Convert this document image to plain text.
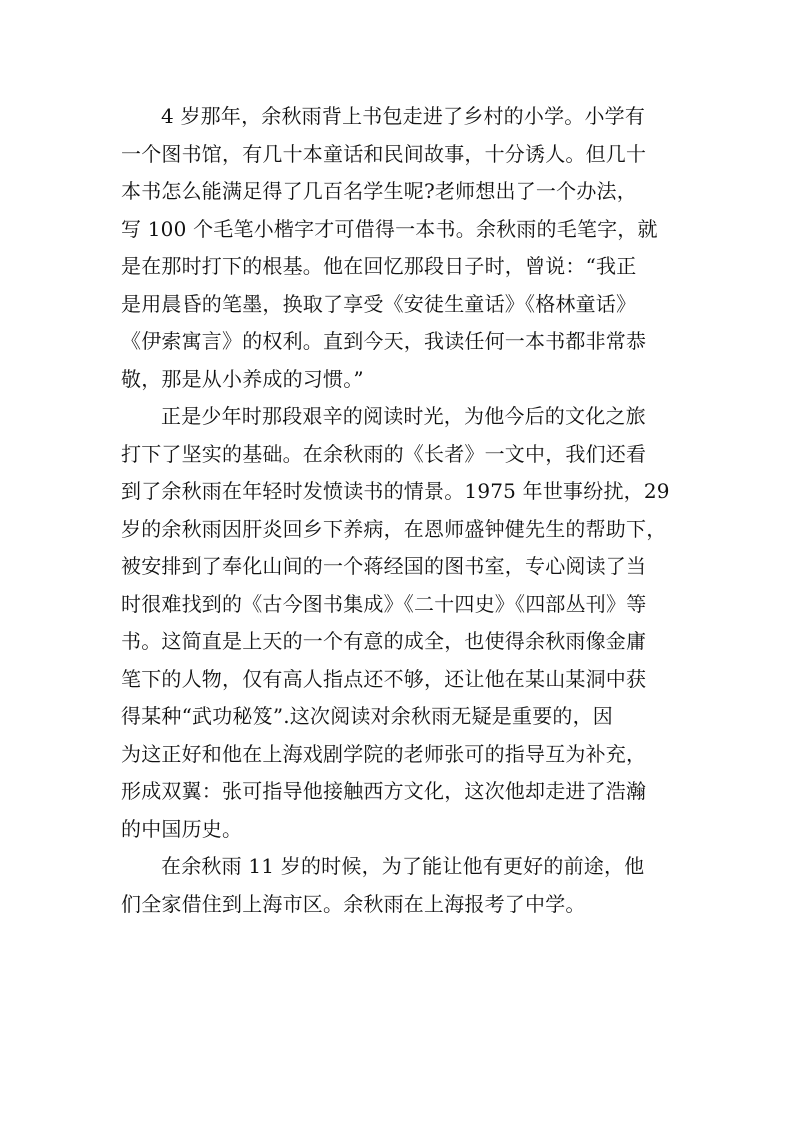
4 岁那年，余秋雨背上书包走进了乡村的小学。小学有
一个图书馆，有几十本童话和民间故事，十分诱人。但几十
本书怎么能满足得了几百名学生呢?老师想出了一个办法，
写 100 个毛笔小楷字才可借得一本书。余秋雨的毛笔字，就
是在那时打下的根基。他在回忆那段日子时，曾说：“我正
是用晨昏的笔墨，换取了享受《安徒生童话》《格林童话》
《伊索寓言》的权利。直到今天，我读任何一本书都非常恭
敬，那是从小养成的习惯。”
正是少年时那段艰辛的阅读时光，为他今后的文化之旅
打下了坚实的基础。在余秋雨的《长者》一文中，我们还看
到了余秋雨在年轻时发愤读书的情景。1975 年世事纷扰，29
岁的余秋雨因肝炎回乡下养病，在恩师盛钟健先生的帮助下，
被安排到了奉化山间的一个蒋经国的图书室，专心阅读了当
时很难找到的《古今图书集成》《二十四史》《四部丛刊》等
书。这简直是上天的一个有意的成全，也使得余秋雨像金庸
笔下的人物，仅有高人指点还不够，还让他在某山某洞中获
得某种“武功秘笈”.这次阅读对余秋雨无疑是重要的，因
为这正好和他在上海戏剧学院的老师张可的指导互为补充，
形成双翼：张可指导他接触西方文化，这次他却走进了浩瀚
的中国历史。
在余秋雨 11 岁的时候，为了能让他有更好的前途，他
们全家借住到上海市区。余秋雨在上海报考了中学。
